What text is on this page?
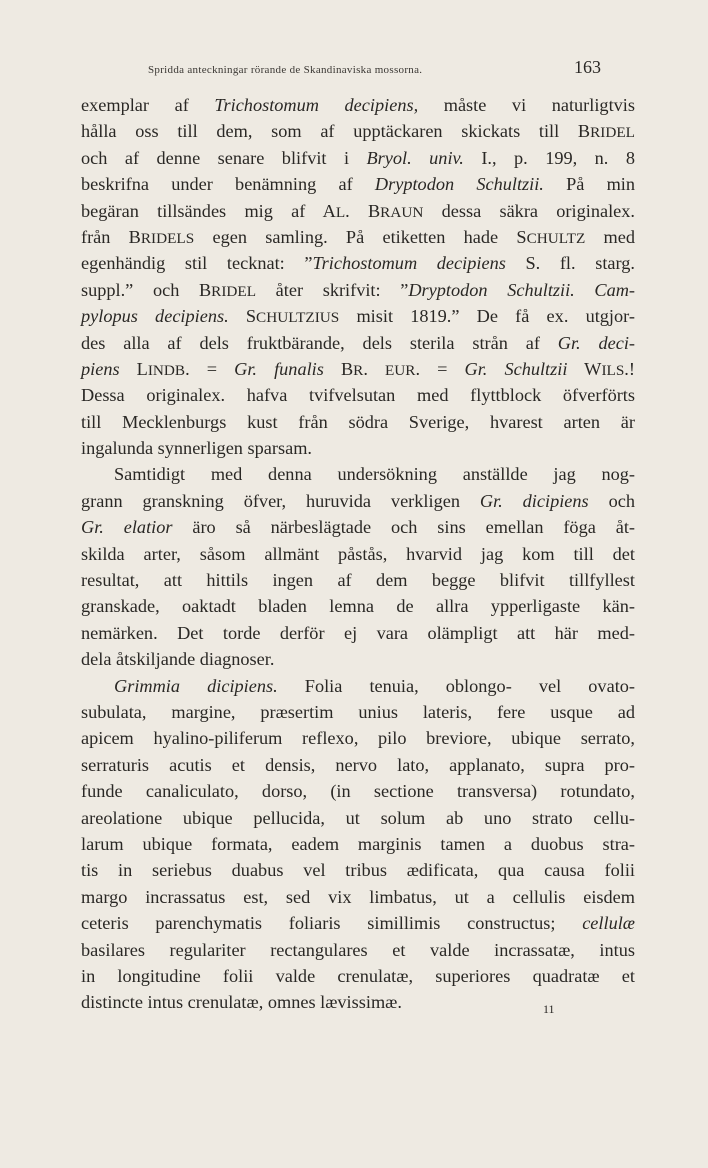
Spridda anteckningar rörande de Skandinaviska mossorna.	163
exemplar af Trichostomum decipiens, måste vi naturligtvis
hålla oss till dem, som af upptäckaren skickats till BRIDEL
och af denne senare blifvit i Bryol. univ. I., p. 199, n. 8
beskrifna under benämning af Dryptodon Schultzii. På min
begäran tillsändes mig af AL. BRAUN dessa säkra originalex.
från BRIDELS egen samling. På etiketten hade SCHULTZ med
egenhändig stil tecknat: ”Trichostomum decipiens S. fl. starg.
suppl.” och BRIDEL åter skrifvit: ”Dryptodon Schultzii. Cam-
pylopus decipiens. SCHULTZIUS misit 1819.” De få ex. utgjor-
des alla af dels fruktbärande, dels sterila strån af Gr. deci-
piens LINDB. = Gr. funalis BR. EUR. = Gr. Schultzii WILS.!
Dessa originalex. hafva tvifvelsutan med flyttblock öfverförts
till Mecklenburgs kust från södra Sverige, hvarest arten är
ingalunda synnerligen sparsam.
Samtidigt med denna undersökning anställde jag nog-
grann granskning öfver, huruvida verkligen Gr. dicipiens och
Gr. elatior äro så närbeslägtade och sins emellan föga åt-
skilda arter, såsom allmänt påstås, hvarvid jag kom till det
resultat, att hittils ingen af dem begge blifvit tillfyllest
granskade, oaktadt bladen lemna de allra ypperligaste kän-
nemärken. Det torde derför ej vara olämpligt att här med-
dela åtskiljande diagnoser.
Grimmia dicipiens. Folia tenuia, oblongo- vel ovato-
subulata, margine, præsertim unius lateris, fere usque ad
apicem hyalino-piliferum reflexo, pilo breviore, ubique serrato,
serraturis acutis et densis, nervo lato, applanato, supra pro-
funde canaliculato, dorso, (in sectione transversa) rotundato,
areolatione ubique pellucida, ut solum ab uno strato cellu-
larum ubique formata, eadem marginis tamen a duobus stra-
tis in seriebus duabus vel tribus ædificata, qua causa folii
margo incrassatus est, sed vix limbatus, ut a cellulis eisdem
ceteris parenchymatis foliaris simillimis constructus; cellulæ
basilares regulariter rectangulares et valde incrassatæ, intus
in longitudine folii valde crenulatæ, superiores quadratæ et
distincte intus crenulatæ, omnes lævissimæ.	11
